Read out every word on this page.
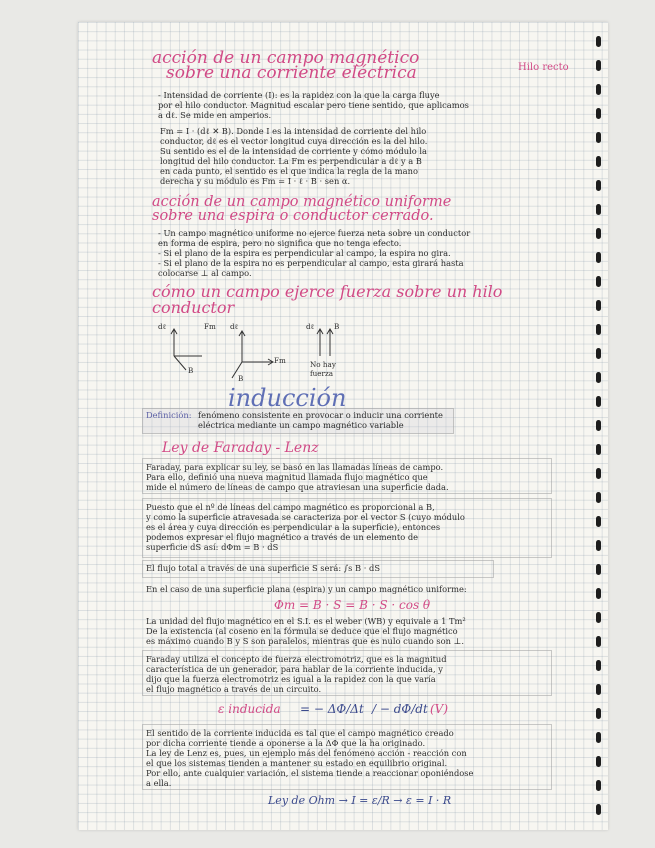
acción de un campo magnético
sobre una corriente eléctrica	Hilo recto
- Intensidad de corriente (I): es la rapidez con la que la carga fluye
por el hilo conductor. Magnitud escalar pero tiene sentido, que aplicamos
a dℓ. Se mide en amperios.
Fm = I · (dℓ ✕ B). Donde I es la intensidad de corriente del hilo
conductor, dℓ es el vector longitud cuya dirección es la del hilo.
Su sentido es el de la intensidad de corriente y cómo módulo la
longitud del hilo conductor. La Fm es perpendicular a dℓ y a B
en cada punto, el sentido es el que indica la regla de la mano
derecha y su módulo es Fm = I · ℓ · B · sen α.
acción de un campo magnético uniforme
sobre una espira o conductor cerrado.
- Un campo magnético uniforme no ejerce fuerza neta sobre un conductor
en forma de espira, pero no significa que no tenga efecto.
- Si el plano de la espira es perpendicular al campo, la espira no gira.
- Si el plano de la espira no es perpendicular al campo, esta girará hasta
colocarse ⊥ al campo.
cómo un campo ejerce fuerza sobre un hilo
conductor
dℓ	Fm
B
dℓ
Fm
B
dℓ	B
No hay
fuerza
inducción
Definición: fenómeno consistente en provocar o inducir una corriente
eléctrica mediante un campo magnético variable
Ley de Faraday - Lenz
Faraday, para explicar su ley, se basó en las llamadas líneas de campo.
Para ello, definió una nueva magnitud llamada flujo magnético que
mide el número de líneas de campo que atraviesan una superficie dada.
Puesto que el nº de líneas del campo magnético es proporcional a B,
y como la superficie atravesada se caracteriza por el vector S (cuyo módulo
es el área y cuya dirección es perpendicular a la superficie), entonces
podemos expresar el flujo magnético a través de un elemento de
superficie dS así: dΦm = B · dS
El flujo total a través de una superficie S será: ∫s B · dS
En el caso de una superficie plana (espira) y un campo magnético uniforme:
Φm = B · S = B · S · cos θ
La unidad del flujo magnético en el S.I. es el weber (WB) y equivale a 1 Tm²
De la existencia (al coseno en la fórmula se deduce que el flujo magnético
es máximo cuando B y S son paralelos, mientras que es nulo cuando son ⊥.
Faraday utiliza el concepto de fuerza electromotriz, que es la magnitud
característica de un generador, para hablar de la corriente inducida, y
dijo que la fuerza electromotriz es igual a la rapidez con la que varía
el flujo magnético a través de un circuito.
ε inducida = − ΔΦ/Δt / − dΦ/dt (V)
El sentido de la corriente inducida es tal que el campo magnético creado
por dicha corriente tiende a oponerse a la ΔΦ que la ha originado.
La ley de Lenz es, pues, un ejemplo más del fenómeno acción - reacción con
el que los sistemas tienden a mantener su estado en equilibrio original.
Por ello, ante cualquier variación, el sistema tiende a reaccionar oponiéndose
a ella.
Ley de Ohm → I = ε/R → ε = I · R
